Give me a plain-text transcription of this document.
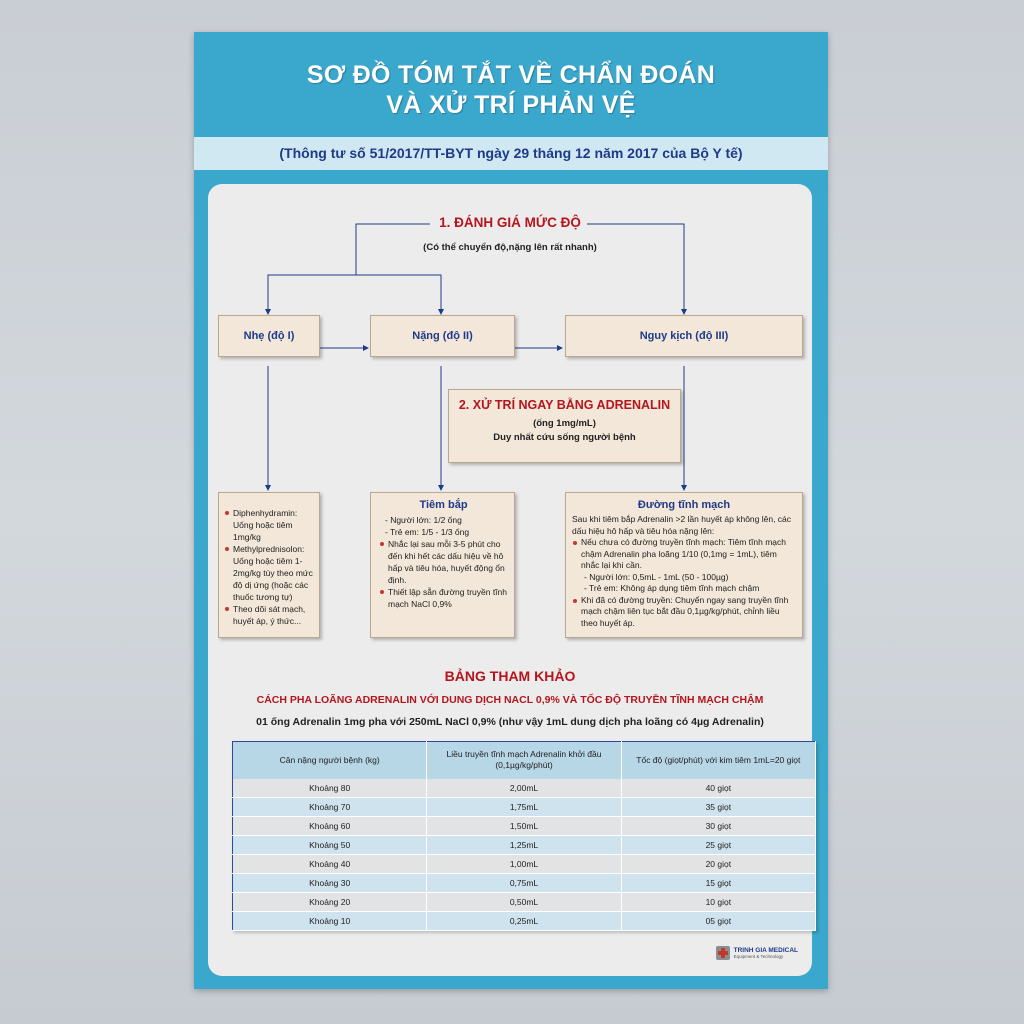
SƠ ĐỒ TÓM TẮT VỀ CHẨN ĐOÁN
VÀ XỬ TRÍ PHẢN VỆ
(Thông tư số 51/2017/TT-BYT ngày 29 tháng 12 năm 2017 của Bộ Y tế)
1. ĐÁNH GIÁ MỨC ĐỘ
(Có thể chuyển độ,nặng lên rất nhanh)
Nhẹ (độ I)	Nặng (độ II)	Nguy kịch (độ III)
2. XỬ TRÍ NGAY BẰNG ADRENALIN
(ống 1mg/mL)
Duy nhất cứu sống người bệnh
Diphenhydramin: Uống hoặc tiêm 1mg/kg
Methylprednisolon: Uống hoặc tiêm 1-2mg/kg tùy theo mức độ dị ứng (hoặc các thuốc tương tự)
Theo dõi sát mạch, huyết áp, ý thức...
Tiêm bắp
- Người lớn: 1/2 ống
- Trẻ em: 1/5 - 1/3 ống
Nhắc lại sau mỗi 3-5 phút cho đến khi hết các dấu hiệu về hô hấp và tiêu hóa, huyết động ổn định.
Thiết lập sẵn đường truyền tĩnh mạch NaCl 0,9%
Đường tĩnh mạch
Sau khi tiêm bắp Adrenalin >2 lần huyết áp không lên, các dấu hiệu hô hấp và tiêu hóa nặng lên:
Nếu chưa có đường truyền tĩnh mạch: Tiêm tĩnh mạch chậm Adrenalin pha loãng 1/10 (0,1mg = 1mL), tiêm nhắc lại khi cần.
- Người lớn: 0,5mL - 1mL (50 - 100µg)
- Trẻ em: Không áp dụng tiêm tĩnh mạch chậm
Khi đã có đường truyền: Chuyển ngay sang truyền tĩnh mạch chậm liên tục bắt đầu 0,1µg/kg/phút, chỉnh liều theo huyết áp.
BẢNG THAM KHẢO
CÁCH PHA LOÃNG ADRENALIN VỚI DUNG DỊCH NACL 0,9% VÀ TỐC ĐỘ TRUYỀN TĨNH MẠCH CHẬM
01 ống Adrenalin 1mg pha với 250mL NaCl 0,9% (như vậy 1mL dung dịch pha loãng có 4µg Adrenalin)
Cân nặng người bệnh (kg)	Liều truyền tĩnh mạch Adrenalin khởi đầu (0,1µg/kg/phút)	Tốc độ (giọt/phút) với kim tiêm 1mL=20 giọt
Khoảng 80	2,00mL	40 giọt
Khoảng 70	1,75mL	35 giọt
Khoảng 60	1,50mL	30 giọt
Khoảng 50	1,25mL	25 giọt
Khoảng 40	1,00mL	20 giọt
Khoảng 30	0,75mL	15 giọt
Khoảng 20	0,50mL	10 giọt
Khoảng 10	0,25mL	05 giọt
TRINH GIA MEDICAL
Equipment & Technology
